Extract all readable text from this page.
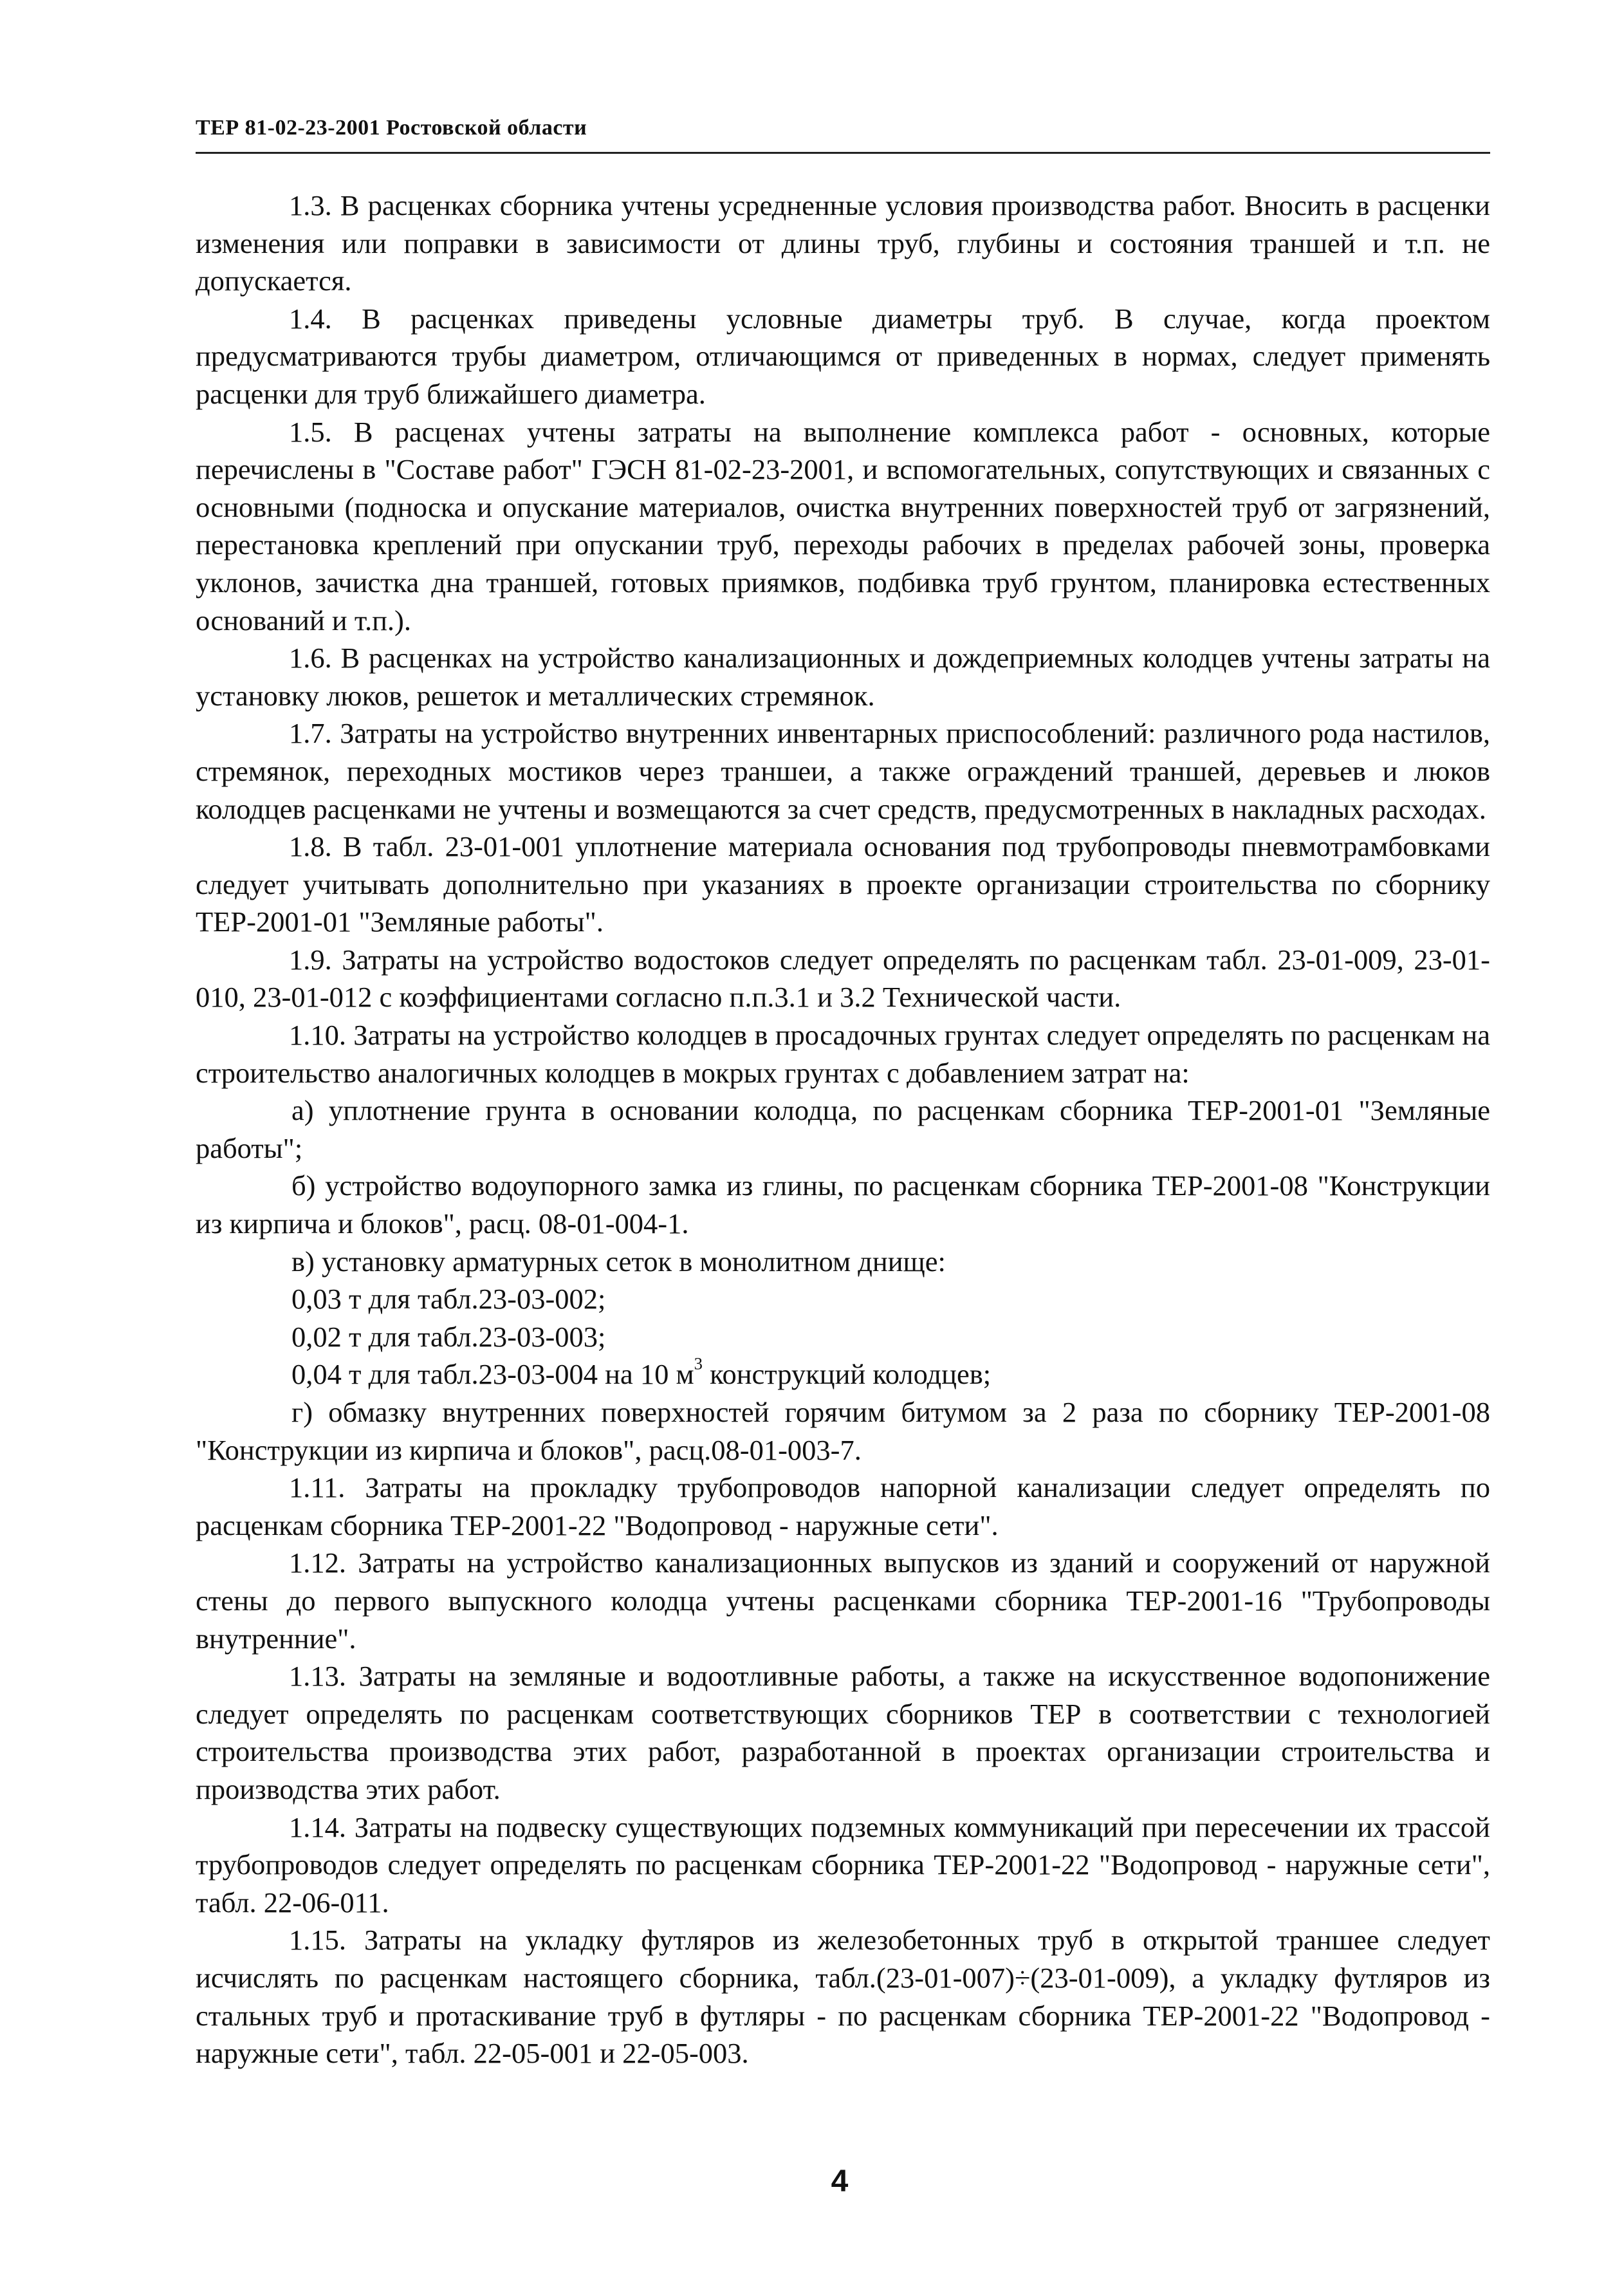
ТЕР 81-02-23-2001 Ростовской области

1.3. В расценках сборника учтены усредненные условия производства работ. Вносить в расценки изменения или поправки в зависимости от длины труб, глубины и состояния траншей и т.п. не допускается.

1.4. В расценках приведены условные диаметры труб. В случае, когда проектом предусматриваются трубы диаметром, отличающимся от приведенных в нормах, следует применять расценки для труб ближайшего диаметра.

1.5. В расценах учтены затраты на выполнение комплекса работ - основных, которые перечислены в "Составе работ" ГЭСН 81-02-23-2001, и вспомогательных, сопутствующих и связанных с основными (подноска и опускание материалов, очистка внутренних поверхностей труб от загрязнений, перестановка креплений при опускании труб, переходы рабочих в пределах рабочей зоны, проверка уклонов, зачистка дна траншей, готовых приямков, подбивка труб грунтом, планировка естественных оснований и т.п.).

1.6. В расценках на устройство канализационных и дождеприемных колодцев учтены затраты на установку люков, решеток и металлических стремянок.

1.7. Затраты на устройство внутренних инвентарных приспособлений: различного рода настилов, стремянок, переходных мостиков через траншеи, а также ограждений траншей, деревьев и люков колодцев расценками не учтены и возмещаются за счет средств, предусмотренных в накладных расходах.

1.8. В табл. 23-01-001 уплотнение материала основания под трубопроводы пневмотрамбовками следует учитывать дополнительно при указаниях в проекте организации строительства по сборнику ТЕР-2001-01 "Земляные работы".

1.9. Затраты на устройство водостоков следует определять по расценкам табл. 23-01-009, 23-01-010, 23-01-012 с коэффициентами согласно п.п.3.1 и 3.2 Технической части.

1.10. Затраты на устройство колодцев в просадочных грунтах следует определять по расценкам на строительство аналогичных колодцев в мокрых грунтах с добавлением затрат на:

а) уплотнение грунта в основании колодца, по расценкам сборника ТЕР-2001-01 "Земляные работы";

б) устройство водоупорного замка из глины, по расценкам сборника ТЕР-2001-08 "Конструкции из кирпича и блоков", расц. 08-01-004-1.

в) установку арматурных сеток в монолитном днище:

0,03 т для табл.23-03-002;

0,02 т для табл.23-03-003;

0,04 т для табл.23-03-004 на 10 $м^3$ конструкций колодцев;

г) обмазку внутренних поверхностей горячим битумом за 2 раза по сборнику ТЕР-2001-08 "Конструкции из кирпича и блоков", расц.08-01-003-7.

1.11. Затраты на прокладку трубопроводов напорной канализации следует определять по расценкам сборника ТЕР-2001-22 "Водопровод - наружные сети".

1.12. Затраты на устройство канализационных выпусков из зданий и сооружений от наружной стены до первого выпускного колодца учтены расценками сборника ТЕР-2001-16 "Трубопроводы внутренние".

1.13. Затраты на земляные и водоотливные работы, а также на искусственное водопонижение следует определять по расценкам соответствующих сборников ТЕР в соответствии с технологией строительства производства этих работ, разработанной в проектах организации строительства и производства этих работ.

1.14. Затраты на подвеску существующих подземных коммуникаций при пересечении их трассой трубопроводов следует определять по расценкам сборника ТЕР-2001-22 "Водопровод - наружные сети", табл. 22-06-011.

1.15. Затраты на укладку футляров из железобетонных труб в открытой траншее следует исчислять по расценкам настоящего сборника, табл.(23-01-007)÷(23-01-009), а укладку футляров из стальных труб и протаскивание труб в футляры - по расценкам сборника ТЕР-2001-22 "Водопровод - наружные сети", табл. 22-05-001 и 22-05-003.

4
